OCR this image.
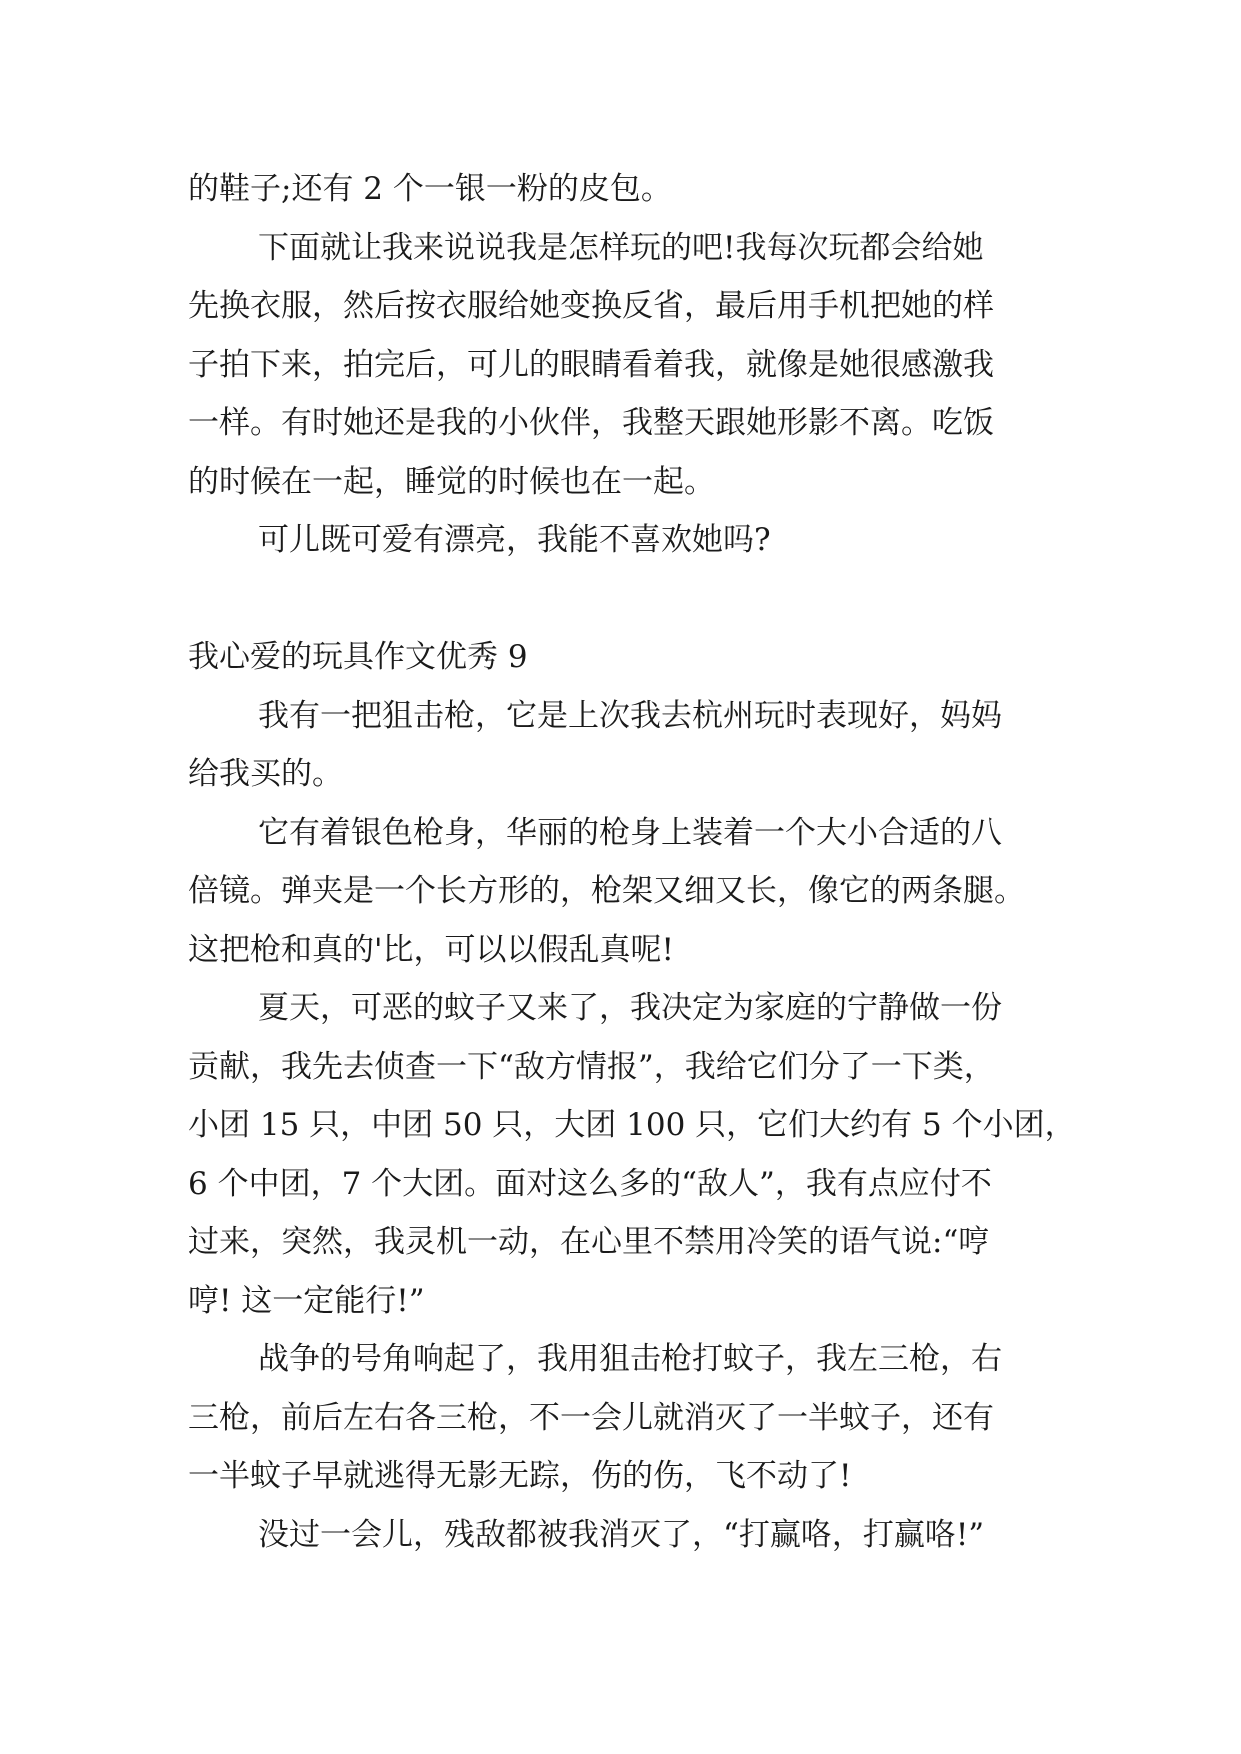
的鞋子;还有 2 个一银一粉的皮包。
下面就让我来说说我是怎样玩的吧!我每次玩都会给她
先换衣服，然后按衣服给她变换反省，最后用手机把她的样
子拍下来，拍完后，可儿的眼睛看着我，就像是她很感激我
一样。有时她还是我的小伙伴，我整天跟她形影不离。吃饭
的时候在一起，睡觉的时候也在一起。
可儿既可爱有漂亮，我能不喜欢她吗?
我心爱的玩具作文优秀 9
我有一把狙击枪，它是上次我去杭州玩时表现好，妈妈
给我买的。
它有着银色枪身，华丽的枪身上装着一个大小合适的八
倍镜。弹夹是一个长方形的，枪架又细又长，像它的两条腿。
这把枪和真的'比，可以以假乱真呢!
夏天，可恶的蚊子又来了，我决定为家庭的宁静做一份
贡献，我先去侦查一下“敌方情报”，我给它们分了一下类，
小团 15 只，中团 50 只，大团 100 只，它们大约有 5 个小团，
6 个中团，7 个大团。面对这么多的“敌人”，我有点应付不
过来，突然，我灵机一动，在心里不禁用冷笑的语气说:“哼
哼! 这一定能行!”
战争的号角响起了，我用狙击枪打蚊子，我左三枪，右
三枪，前后左右各三枪，不一会儿就消灭了一半蚊子，还有
一半蚊子早就逃得无影无踪，伤的伤，飞不动了!
没过一会儿，残敌都被我消灭了，“打赢咯，打赢咯!”
